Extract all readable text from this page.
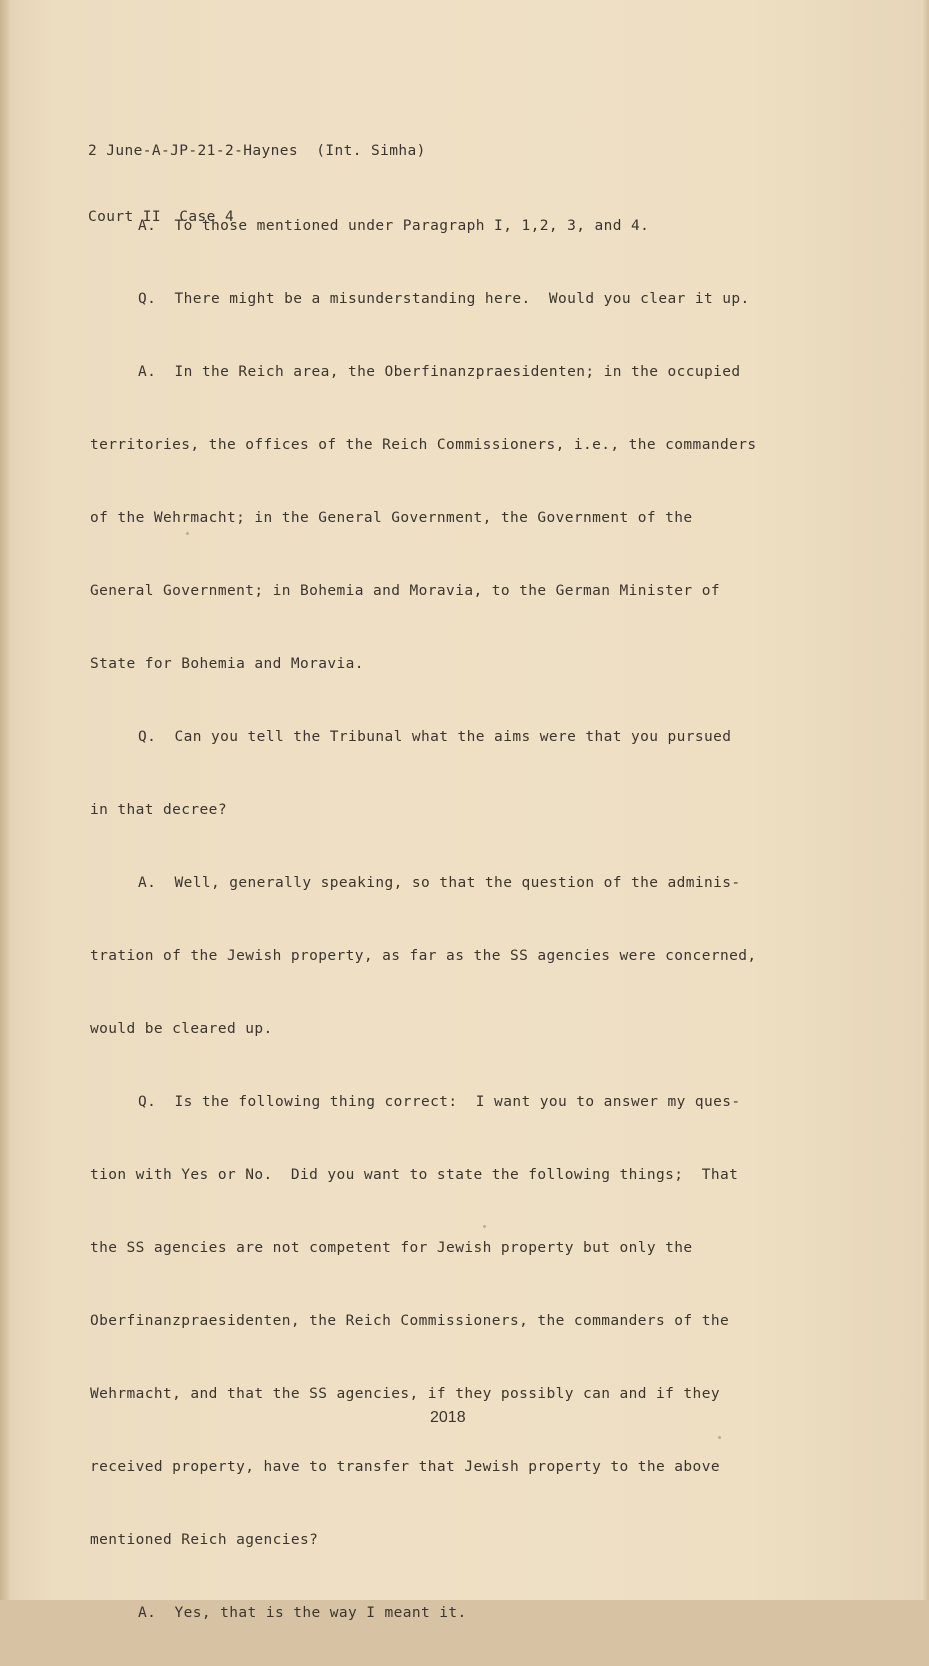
2 June-A-JP-21-2-Haynes  (Int. Simha)

Court II  Case 4

A.  To those mentioned under Paragraph I, 1,2, 3, and 4.

Q.  There might be a misunderstanding here.  Would you clear it up.

A.  In the Reich area, the Oberfinanzpraesidenten; in the occupied

territories, the offices of the Reich Commissioners, i.e., the commanders

of the Wehrmacht; in the General Government, the Government of the

General Government; in Bohemia and Moravia, to the German Minister of

State for Bohemia and Moravia.

Q.  Can you tell the Tribunal what the aims were that you pursued

in that decree?

A.  Well, generally speaking, so that the question of the adminis-

tration of the Jewish property, as far as the SS agencies were concerned,

would be cleared up.

Q.  Is the following thing correct:  I want you to answer my ques-

tion with Yes or No.  Did you want to state the following things;  That

the SS agencies are not competent for Jewish property but only the

Oberfinanzpraesidenten, the Reich Commissioners, the commanders of the

Wehrmacht, and that the SS agencies, if they possibly can and if they

received property, have to transfer that Jewish property to the above

mentioned Reich agencies?

A.  Yes, that is the way I meant it.

2018
